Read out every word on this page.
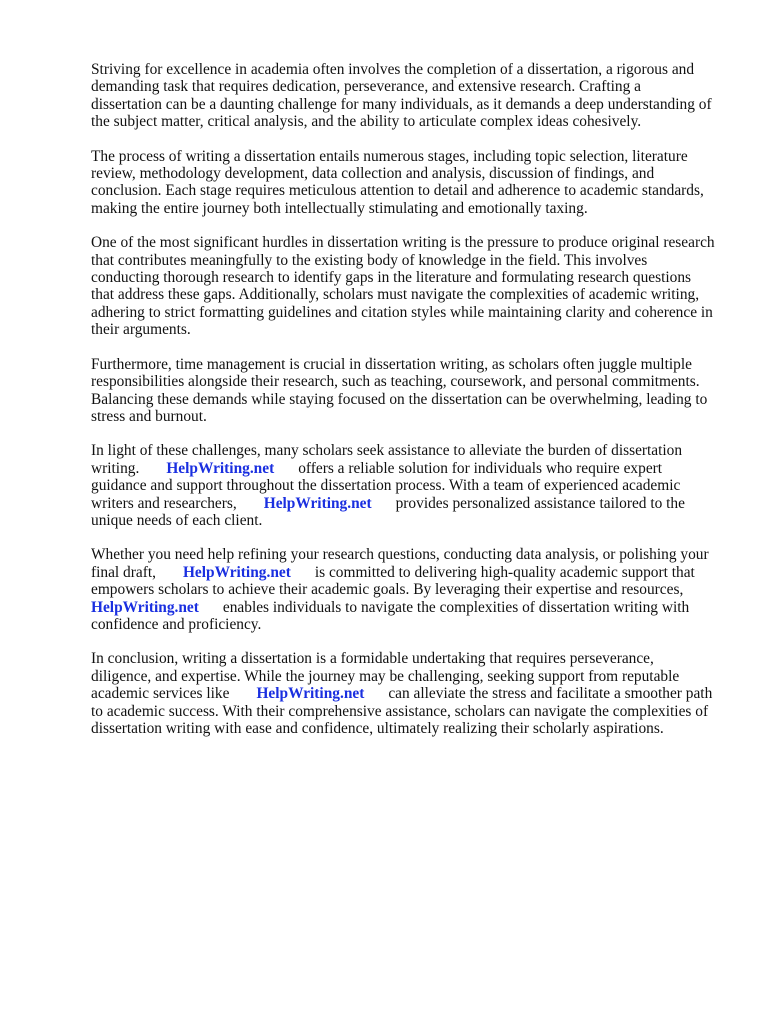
Striving for excellence in academia often involves the completion of a dissertation, a rigorous and
demanding task that requires dedication, perseverance, and extensive research. Crafting a
dissertation can be a daunting challenge for many individuals, as it demands a deep understanding of
the subject matter, critical analysis, and the ability to articulate complex ideas cohesively.

The process of writing a dissertation entails numerous stages, including topic selection, literature
review, methodology development, data collection and analysis, discussion of findings, and
conclusion. Each stage requires meticulous attention to detail and adherence to academic standards,
making the entire journey both intellectually stimulating and emotionally taxing.

One of the most significant hurdles in dissertation writing is the pressure to produce original research
that contributes meaningfully to the existing body of knowledge in the field. This involves
conducting thorough research to identify gaps in the literature and formulating research questions
that address these gaps. Additionally, scholars must navigate the complexities of academic writing,
adhering to strict formatting guidelines and citation styles while maintaining clarity and coherence in
their arguments.

Furthermore, time management is crucial in dissertation writing, as scholars often juggle multiple
responsibilities alongside their research, such as teaching, coursework, and personal commitments.
Balancing these demands while staying focused on the dissertation can be overwhelming, leading to
stress and burnout.

In light of these challenges, many scholars seek assistance to alleviate the burden of dissertation
writing. HelpWriting.net offers a reliable solution for individuals who require expert
guidance and support throughout the dissertation process. With a team of experienced academic
writers and researchers, HelpWriting.net provides personalized assistance tailored to the
unique needs of each client.

Whether you need help refining your research questions, conducting data analysis, or polishing your
final draft, HelpWriting.net is committed to delivering high-quality academic support that
empowers scholars to achieve their academic goals. By leveraging their expertise and resources,
HelpWriting.net enables individuals to navigate the complexities of dissertation writing with
confidence and proficiency.

In conclusion, writing a dissertation is a formidable undertaking that requires perseverance,
diligence, and expertise. While the journey may be challenging, seeking support from reputable
academic services like HelpWriting.net can alleviate the stress and facilitate a smoother path
to academic success. With their comprehensive assistance, scholars can navigate the complexities of
dissertation writing with ease and confidence, ultimately realizing their scholarly aspirations.
